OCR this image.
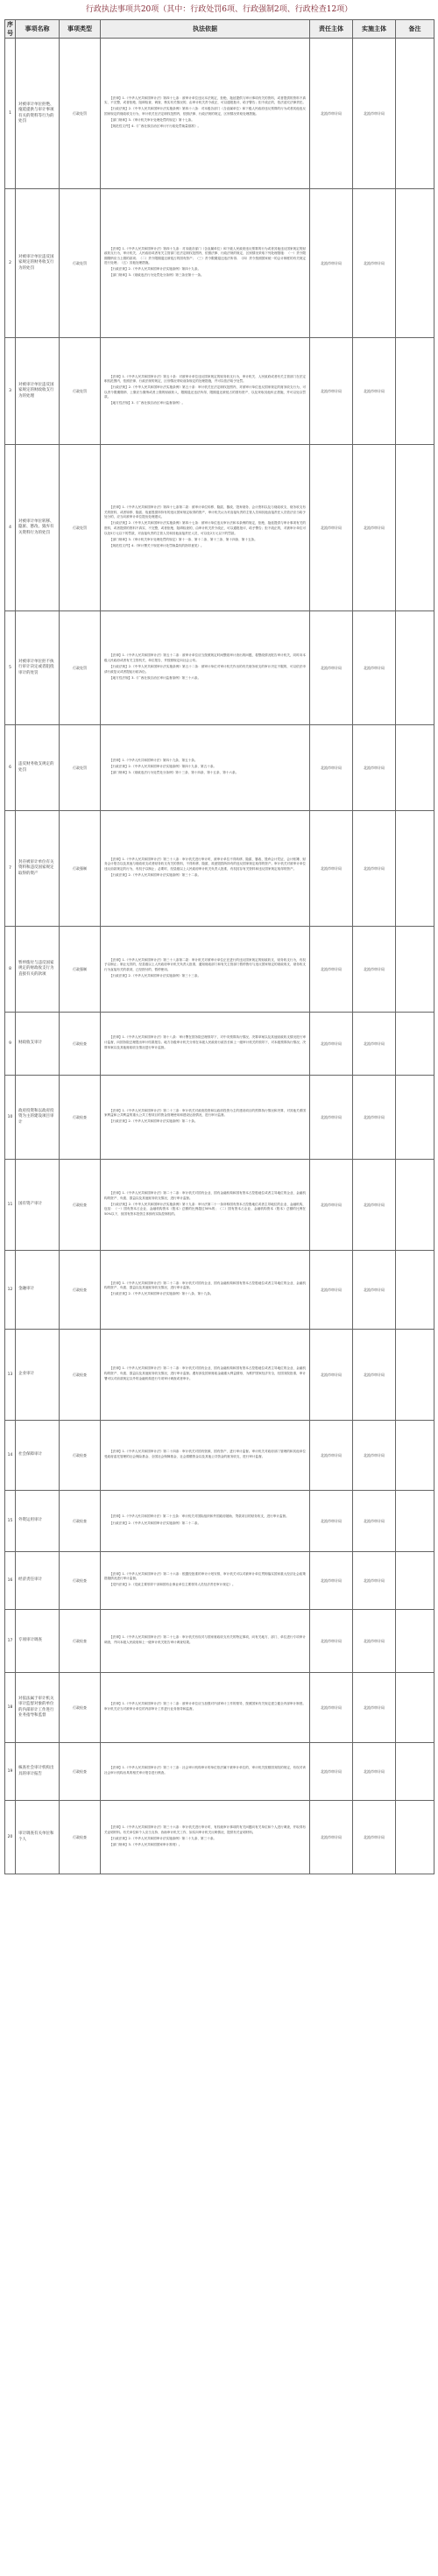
行政执法事项共20项（其中：行政处罚6项、行政强制2项、行政检查12项）
序号	事项名称	事项类型	执法依据	责任主体	实施主体	备注
1	对被审计单位拒绝、拖延提供与审计事项有关的资料等行为的处罚	行政处罚	【法律】1.《中华人民共和国审计法》第四十七条：被审计单位违反本法规定，拒绝、拖延提供与审计事项有关的资料，或者提供的资料不真实、不完整，或者拒绝、阻碍检查、调查、核实有关情况的，由审计机关责令改正，可以通报批评，给予警告；拒不改正的，依法追究法律责任。

【行政法规】2.《中华人民共和国审计法实施条例》第四十八条：对本级各部门（含直属单位）和下级人民政府违反预算的行为或者其他违反国家规定的财政收支行为，审计机关在法定职权范围内，依照法律、行政法规的规定，区别情况采取处理措施。

【部门规章】3.《审计机关审计处理处罚的规定》第十七条。

【规范性文件】4.《广西壮族自治区审计厅行政处罚裁量基准》。	北流市审计局	北流市审计局	
2	对被审计单位违反国家规定的财务收支行为的处罚	行政处罚	【法律】1.《中华人民共和国审计法》第四十九条：对本级各部门（含直属单位）和下级人民政府违反预算的行为或者其他违反国家规定的财政收支行为，审计机关、人民政府或者有关主管部门在法定职权范围内，依照法律、行政法规的规定，区别情况采取下列处理措施：（一）责令限期缴纳应当上缴的款项；（二）责令限期退还被侵占的国有资产；（三）责令限期退还违法所得；（四）责令按照国家统一的会计制度的有关规定进行处理；（五）其他处理措施。

【行政法规】2.《中华人民共和国审计法实施条例》第四十九条。

【部门规章】3.《财政违法行为处罚处分条例》第三条至第十一条。	北流市审计局	北流市审计局	
3	对被审计单位违反国家规定的财政收支行为的处理	行政处罚	【法律】1.《中华人民共和国审计法》第五十条：对被审计单位违反国家规定的财务收支行为，审计机关、人民政府或者有关主管部门在法定职权范围内，依照法律、行政法规的规定，区别情况采取前条规定的处理措施，并可以依法给予处罚。

【行政法规】2.《中华人民共和国审计法实施条例》第五十条：审计机关在法定职权范围内，对被审计单位违反国家规定的财务收支行为，可以责令限期缴纳、上缴应当缴纳或者上缴的财政收入，限期退还违法所得，限期退还被侵占的国有资产，以及采取其他纠正措施，并可以处以罚款。

【地方性法规】3.《广西壮族自治区审计监督条例》。	北流市审计局	北流市审计局	
4	对被审计单位转移、隐匿、篡改、毁弃有关资料行为的处罚	行政处罚	【法律】1.《中华人民共和国审计法》第四十七条第二款：被审计单位转移、隐匿、篡改、毁弃财务、会计资料以及与财政收支、财务收支有关的资料，或者转移、隐匿、故意毁损所持有的违反国家规定取得的资产，审计机关认为对直接负责的主管人员和其他直接责任人员依法应当给予处分的，应当向被审计单位提出处理建议。

【行政法规】2.《中华人民共和国审计法实施条例》第四十七条：被审计单位违反审计法和本条例的规定，拒绝、拖延提供与审计事项有关的资料，或者提供的资料不真实、不完整，或者拒绝、阻碍检查的，由审计机关责令改正，可以通报批评，给予警告；拒不改正的，对被审计单位可以处5万元以下的罚款，对直接负责的主管人员和其他直接责任人员，可以处2万元以下的罚款。

【部门规章】3.《审计机关审计处理处罚的规定》第十一条、第十二条、第十三条、第十四条、第十五条。

【规范性文件】4.《审计署关于规范审计处罚裁量权的指导意见》。	北流市审计局	北流市审计局	
5	对被审计单位拒不执行审计决定或者阻挠审计的处罚	行政处罚	【法律】1.《中华人民共和国审计法》第五十二条：被审计单位应当按照规定时间整改审计查出的问题，将整改情况报告审计机关，同时向本级人民政府或者有关主管机关、单位报告，并按照规定向社会公布。

【行政法规】2.《中华人民共和国审计法实施条例》第五十二条：被审计单位对审计机关作出的有关财务收支的审计决定不服的，可以依法申请行政复议或者提起行政诉讼。

【地方性法规】3.《广西壮族自治区审计监督条例》第三十六条。	北流市审计局	北流市审计局	
6	违反财务收支规定的处罚	行政处罚	【法律】1.《中华人民共和国审计法》第四十九条、第五十条。

【行政法规】2.《中华人民共和国审计法实施条例》第四十九条、第五十条。

【部门规章】3.《财政违法行为处罚处分条例》第十三条、第十四条、第十五条、第十六条。	北流市审计局	北流市审计局	
7	封存被审计单位有关资料和违反国家规定取得的资产	行政强制	【法律】1.《中华人民共和国审计法》第三十八条：审计机关进行审计时，被审计单位不得转移、隐匿、篡改、毁弃会计凭证、会计账簿、财务会计报告以及其他与财政收支或者财务收支有关的资料，不得转移、隐匿、故意毁损所持有的违反国家规定取得的资产。审计机关对被审计单位违反前款规定的行为，有权予以制止；必要时，经县级以上人民政府审计机关负责人批准，有权封存有关资料和违反国家规定取得的资产。

【行政法规】2.《中华人民共和国审计法实施条例》第三十二条。	北流市审计局	北流市审计局	
8	暂停拨付与违反国家规定的财政收支行为直接有关的款项	行政强制	【法律】1.《中华人民共和国审计法》第三十八条第二款：审计机关对被审计单位正在进行的违反国家规定的财政收支、财务收支行为，有权予以制止；制止无效的，经县级以上人民政府审计机关负责人批准，通知财政部门和有关主管部门暂停拨付与违反国家规定的财政收支、财务收支行为直接有关的款项，已经拨付的，暂停使用。

【行政法规】2.《中华人民共和国审计法实施条例》第三十三条。	北流市审计局	北流市审计局	
9	财政收支审计	行政检查	【法律】1.《中华人民共和国审计法》第十八条：审计署在国务院总理领导下，对中央预算执行情况、决算草案以及其他财政收支情况进行审计监督，向国务院总理提出审计结果报告。地方各级审计机关分别在本级人民政府行政首长和上一级审计机关的领导下，对本级预算执行情况、决算草案以及其他财政收支情况进行审计监督。	北流市审计局	北流市审计局	
10	政府投资和以政府投资为主的建设项目审计	行政检查	【法律】1.《中华人民共和国审计法》第二十三条：审计机关对政府投资和以政府投资为主的建设项目的预算执行情况和决算，对其他关系国家利益和公共利益的重大公共工程项目的资金管理使用和建设运营情况，进行审计监督。

【行政法规】2.《中华人民共和国审计法实施条例》第二十条。	北流市审计局	北流市审计局	
11	国有资产审计	行政检查	【法律】1.《中华人民共和国审计法》第二十二条：审计机关对国有企业、国有金融机构和国有资本占控股地位或者主导地位的企业、金融机构的资产、负债、损益以及其他财务收支情况，进行审计监督。

【行政法规】2.《中华人民共和国审计法实施条例》第十九条：审计法第二十一条所称国有资本占控股地位或者主导地位的企业、金融机构，包括：（一）国有资本占企业、金融机构资本（股本）总额的比例超过50%的；（二）国有资本占企业、金融机构资本（股本）总额的比例在50%以下，但国有资本投资主体拥有实际控制权的。	北流市审计局	北流市审计局	
12	金融审计	行政检查	【法律】1.《中华人民共和国审计法》第二十二条：审计机关对国有企业、国有金融机构和国有资本占控股地位或者主导地位的企业、金融机构的资产、负债、损益以及其他财务收支情况，进行审计监督。

【行政法规】2.《中华人民共和国审计法实施条例》第十八条、第十九条。	北流市审计局	北流市审计局	
13	企业审计	行政检查	【法律】1.《中华人民共和国审计法》第二十二条：审计机关对国有企业、国有金融机构和国有资本占控股地位或者主导地位的企业、金融机构的资产、负债、损益以及其他财务收支情况，进行审计监督。遇有涉及国家财政金融重大利益情形，为维护国家经济安全，经国务院批准，审计署可以对前款规定以外的金融机构进行专项审计调查或者审计。	北流市审计局	北流市审计局	
14	社会保障审计	行政检查	【法律】1.《中华人民共和国审计法》第二十四条：审计机关对国有资源、国有资产，进行审计监督。审计机关对政府部门管理的和其他单位受政府委托管理的社会保险基金、全国社会保障基金、社会捐赠资金以及其他公共资金的财务收支，进行审计监督。	北流市审计局	北流市审计局	
15	外资运用审计	行政检查	【法律】1.《中华人民共和国审计法》第二十五条：审计机关对国际组织和外国政府援助、贷款项目的财务收支，进行审计监督。

【行政法规】2.《中华人民共和国审计法实施条例》第二十二条。	北流市审计局	北流市审计局	
16	经济责任审计	行政检查	【法律】1.《中华人民共和国审计法》第二十六条：根据经批准的审计计划安排，审计机关可以对被审计单位贯彻落实国家重大经济社会政策措施情况进行审计监督。

【党内法规】2.《党政主要领导干部和国有企事业单位主要领导人员经济责任审计规定》。	北流市审计局	北流市审计局	
17	专项审计调查	行政检查	【法律】1.《中华人民共和国审计法》第二十七条：审计机关有权对与国家财政收支有关的特定事项，向有关地方、部门、单位进行专项审计调查，并向本级人民政府和上一级审计机关报告审计调查结果。	北流市审计局	北流市审计局	
18	对依法属于审计机关审计监督对象的单位的内部审计工作进行业务指导和监督	行政检查	【法律】1.《中华人民共和国审计法》第三十二条：被审计单位应当加强对内部审计工作的领导，按照国家有关规定建立健全内部审计制度。审计机关应当对被审计单位的内部审计工作进行业务指导和监督。	北流市审计局	北流市审计局	
19	核查社会审计机构出具的审计报告	行政检查	【法律】1.《中华人民共和国审计法》第三十三条：社会审计机构审计的单位依法属于被审计单位的，审计机关按照国务院的规定，有权对该社会审计机构出具的相关审计报告进行核查。	北流市审计局	北流市审计局	
20	审计调查有关单位和个人	行政检查	【法律】1.《中华人民共和国审计法》第三十六条：审计机关进行审计时，有权就审计事项的有关问题向有关单位和个人进行调查，并取得有关证明材料。有关单位和个人应当支持、协助审计机关工作，如实向审计机关反映情况，提供有关证明材料。

【行政法规】2.《中华人民共和国审计法实施条例》第二十九条、第三十条。

【部门规章】3.《中华人民共和国国家审计准则》。	北流市审计局	北流市审计局	
